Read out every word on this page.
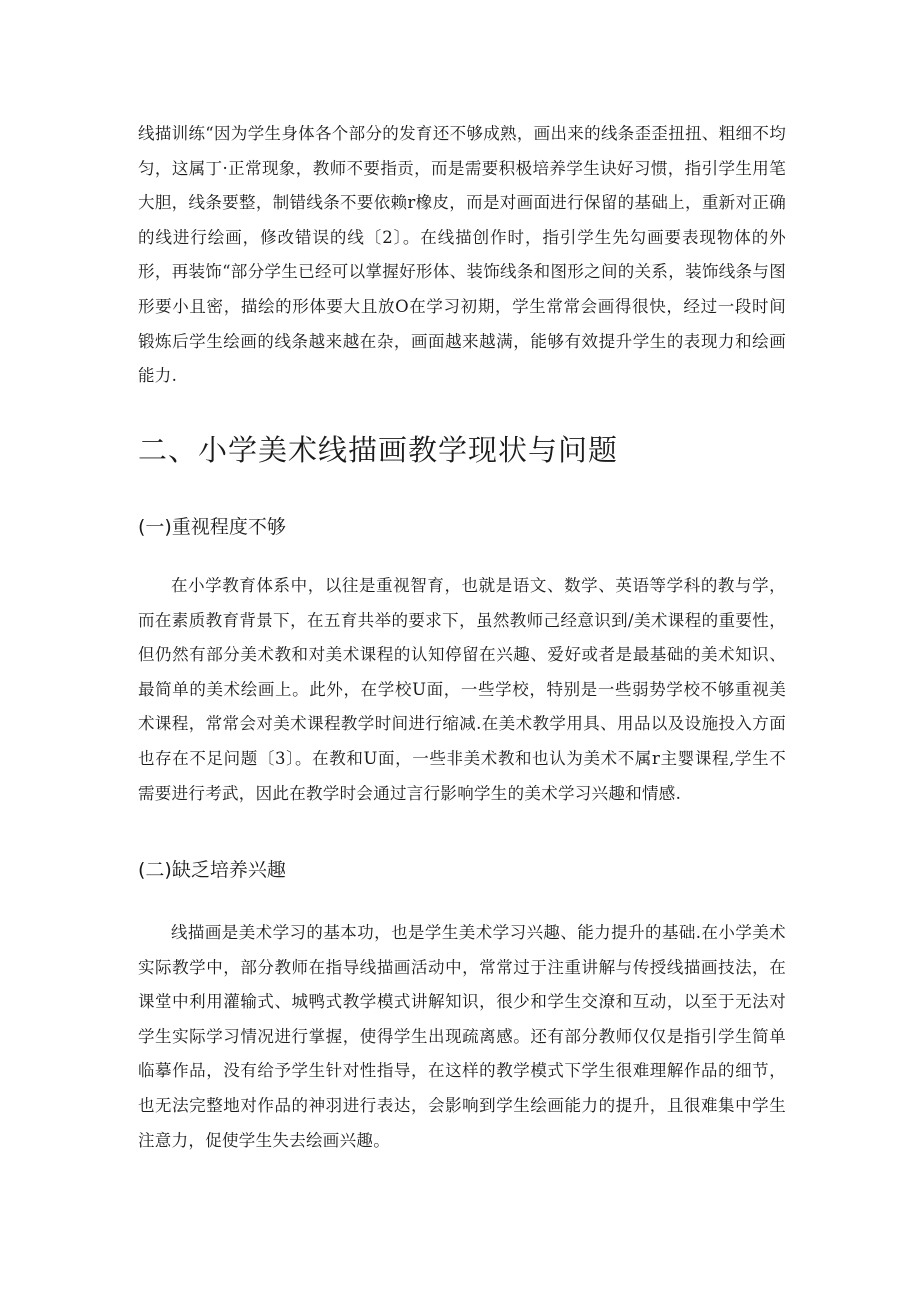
线描训练“因为学生身体各个部分的发育还不够成熟，画出来的线条歪歪扭扭、粗细不均匀，这属丁·正常现象，教师不要指贡，而是需要积极培养学生诀好习惯，指引学生用笔大胆，线条要整，制错线条不要依赖r橡皮，而是对画面进行保留的基础上，重新对正确的线进行绘画，修改错误的线〔2〕。在线描创作时，指引学生先勾画要表现物体的外形，再装饰“部分学生已经可以掌握好形体、装饰线条和图形之间的关系，装饰线条与图形要小且密，描绘的形体要大且放O在学习初期，学生常常会画得很快，经过一段时间锻炼后学生绘画的线条越来越在杂，画面越来越满，能够有效提升学生的表现力和绘画能力.

二、小学美术线描画教学现状与问题
(一)重视程度不够

在小学教育体系中，以往是重视智育，也就是语文、数学、英语等学科的教与学，而在素质教育背景下，在五育共举的要求下，虽然教师己经意识到/美术课程的重要性，但仍然有部分美术教和对美术课程的认知停留在兴趣、爱好或者是最基础的美术知识、最简单的美术绘画上。此外，在学校U面，一些学校，特别是一些弱势学校不够重视美术课程，常常会对美术课程教学时间进行缩减.在美术教学用具、用品以及设施投入方面也存在不足问题〔3〕。在教和U面，一些非美术教和也认为美术不属r主婴课程,学生不需要进行考武，因此在教学时会通过言行影响学生的美术学习兴趣和情感.

(二)缺乏培养兴趣

线描画是美术学习的基本功，也是学生美术学习兴趣、能力提升的基础.在小学美术实际教学中，部分教师在指导线描画活动中，常常过于注重讲解与传授线描画技法，在课堂中利用灌输式、城鸭式教学模式讲解知识，很少和学生交潦和互动，以至于无法对学生实际学习情况进行掌握，使得学生出现疏离感。还有部分教师仅仅是指引学生简单临摹作品，没有给予学生针对性指导，在这样的教学模式下学生很难理解作品的细节，也无法完整地对作品的神羽进行表达，会影响到学生绘画能力的提升，且很难集中学生注意力，促使学生失去绘画兴趣。
